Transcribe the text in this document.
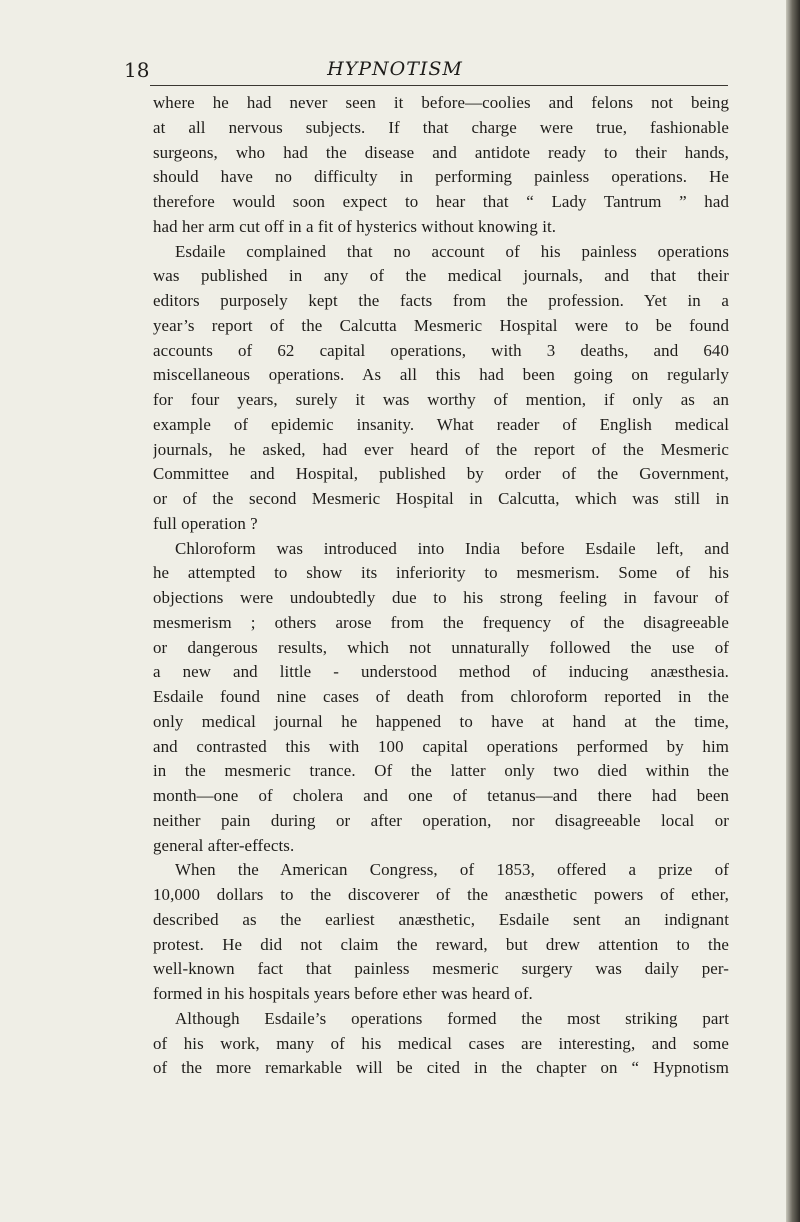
18	HYPNOTISM
where he had never seen it before—coolies and felons not being
at all nervous subjects. If that charge were true, fashionable
surgeons, who had the disease and antidote ready to their hands,
should have no difficulty in performing painless operations. He
therefore would soon expect to hear that “ Lady Tantrum ” had
had her arm cut off in a fit of hysterics without knowing it.
Esdaile complained that no account of his painless operations
was published in any of the medical journals, and that their
editors purposely kept the facts from the profession. Yet in a
year’s report of the Calcutta Mesmeric Hospital were to be found
accounts of 62 capital operations, with 3 deaths, and 640
miscellaneous operations. As all this had been going on regularly
for four years, surely it was worthy of mention, if only as an
example of epidemic insanity. What reader of English medical
journals, he asked, had ever heard of the report of the Mesmeric
Committee and Hospital, published by order of the Government,
or of the second Mesmeric Hospital in Calcutta, which was still in
full operation ?
Chloroform was introduced into India before Esdaile left, and
he attempted to show its inferiority to mesmerism. Some of his
objections were undoubtedly due to his strong feeling in favour of
mesmerism ; others arose from the frequency of the disagreeable
or dangerous results, which not unnaturally followed the use of
a new and little - understood method of inducing anæsthesia.
Esdaile found nine cases of death from chloroform reported in the
only medical journal he happened to have at hand at the time,
and contrasted this with 100 capital operations performed by him
in the mesmeric trance. Of the latter only two died within the
month—one of cholera and one of tetanus—and there had been
neither pain during or after operation, nor disagreeable local or
general after-effects.
When the American Congress, of 1853, offered a prize of
10,000 dollars to the discoverer of the anæsthetic powers of ether,
described as the earliest anæsthetic, Esdaile sent an indignant
protest. He did not claim the reward, but drew attention to the
well-known fact that painless mesmeric surgery was daily per-
formed in his hospitals years before ether was heard of.
Although Esdaile’s operations formed the most striking part
of his work, many of his medical cases are interesting, and some
of the more remarkable will be cited in the chapter on “ Hypnotism
